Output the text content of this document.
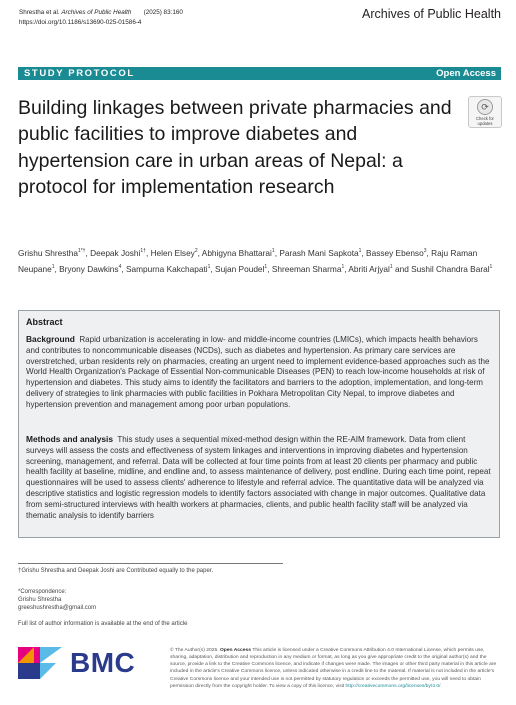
Shrestha et al. Archives of Public Health (2025) 83:160
https://doi.org/10.1186/s13690-025-01586-4
Archives of Public Health
STUDY PROTOCOL	Open Access
Building linkages between private pharmacies and public facilities to improve diabetes and hypertension care in urban areas of Nepal: a protocol for implementation research
⟳
Check for updates
Grishu Shrestha$^{1*\dagger}$, Deepak Joshi$^{1\dagger}$, Helen Elsey$^2$, Abhigyna Bhattarai$^1$, Parash Mani Sapkota$^1$, Bassey Ebenso$^3$, Raju Raman Neupane$^1$, Bryony Dawkins$^4$, Sampurna Kakchapati$^1$, Sujan Poudel$^1$, Shreeman Sharma$^1$, Abriti Arjyal$^1$ and Sushil Chandra Baral$^1$
Abstract

Background Rapid urbanization is accelerating in low- and middle-income countries (LMICs), which impacts health behaviors and contributes to noncommunicable diseases (NCDs), such as diabetes and hypertension. As primary care services are overstretched, urban residents rely on pharmacies, creating an urgent need to implement evidence-based approaches such as the World Health Organization's Package of Essential Non-communicable Diseases (PEN) to reach low-income households at risk of hypertension and diabetes. This study aims to identify the facilitators and barriers to the adoption, implementation, and long-term delivery of strategies to link pharmacies with public facilities in Pokhara Metropolitan City Nepal, to improve diabetes and hypertension prevention and management among poor urban populations.

Methods and analysis This study uses a sequential mixed-method design within the RE-AIM framework. Data from client surveys will assess the costs and effectiveness of system linkages and interventions in improving diabetes and hypertension screening, management, and referral. Data will be collected at four time points from at least 20 clients per pharmacy and public health facility at baseline, midline, and endline and, to assess maintenance of delivery, post endline. During each time point, repeat questionnaires will be used to assess clients' adherence to lifestyle and referral advice. The quantitative data will be analyzed via descriptive statistics and logistic regression models to identify factors associated with change in major outcomes. Qualitative data from semi-structured interviews with health workers at pharmacies, clients, and public health facility staff will be analyzed via thematic analysis to identify barriers

†Grishu Shrestha and Deepak Joshi are Contributed equally to the paper.
*Correspondence:
Grishu Shrestha
greeshushrestha@gmail.com
Full list of author information is available at the end of the article
BMC	© The Author(s) 2025. Open Access This article is licensed under a Creative Commons Attribution 4.0 International License, which permits use, sharing, adaptation, distribution and reproduction in any medium or format, as long as you give appropriate credit to the original author(s) and the source, provide a link to the Creative Commons licence, and indicate if changes were made. The images or other third party material in this article are included in the article's Creative Commons licence, unless indicated otherwise in a credit line to the material. If material is not included in the article's Creative Commons licence and your intended use is not permitted by statutory regulation or exceeds the permitted use, you will need to obtain permission directly from the copyright holder. To view a copy of this licence, visit http://creativecommons.org/licenses/by/4.0/.
